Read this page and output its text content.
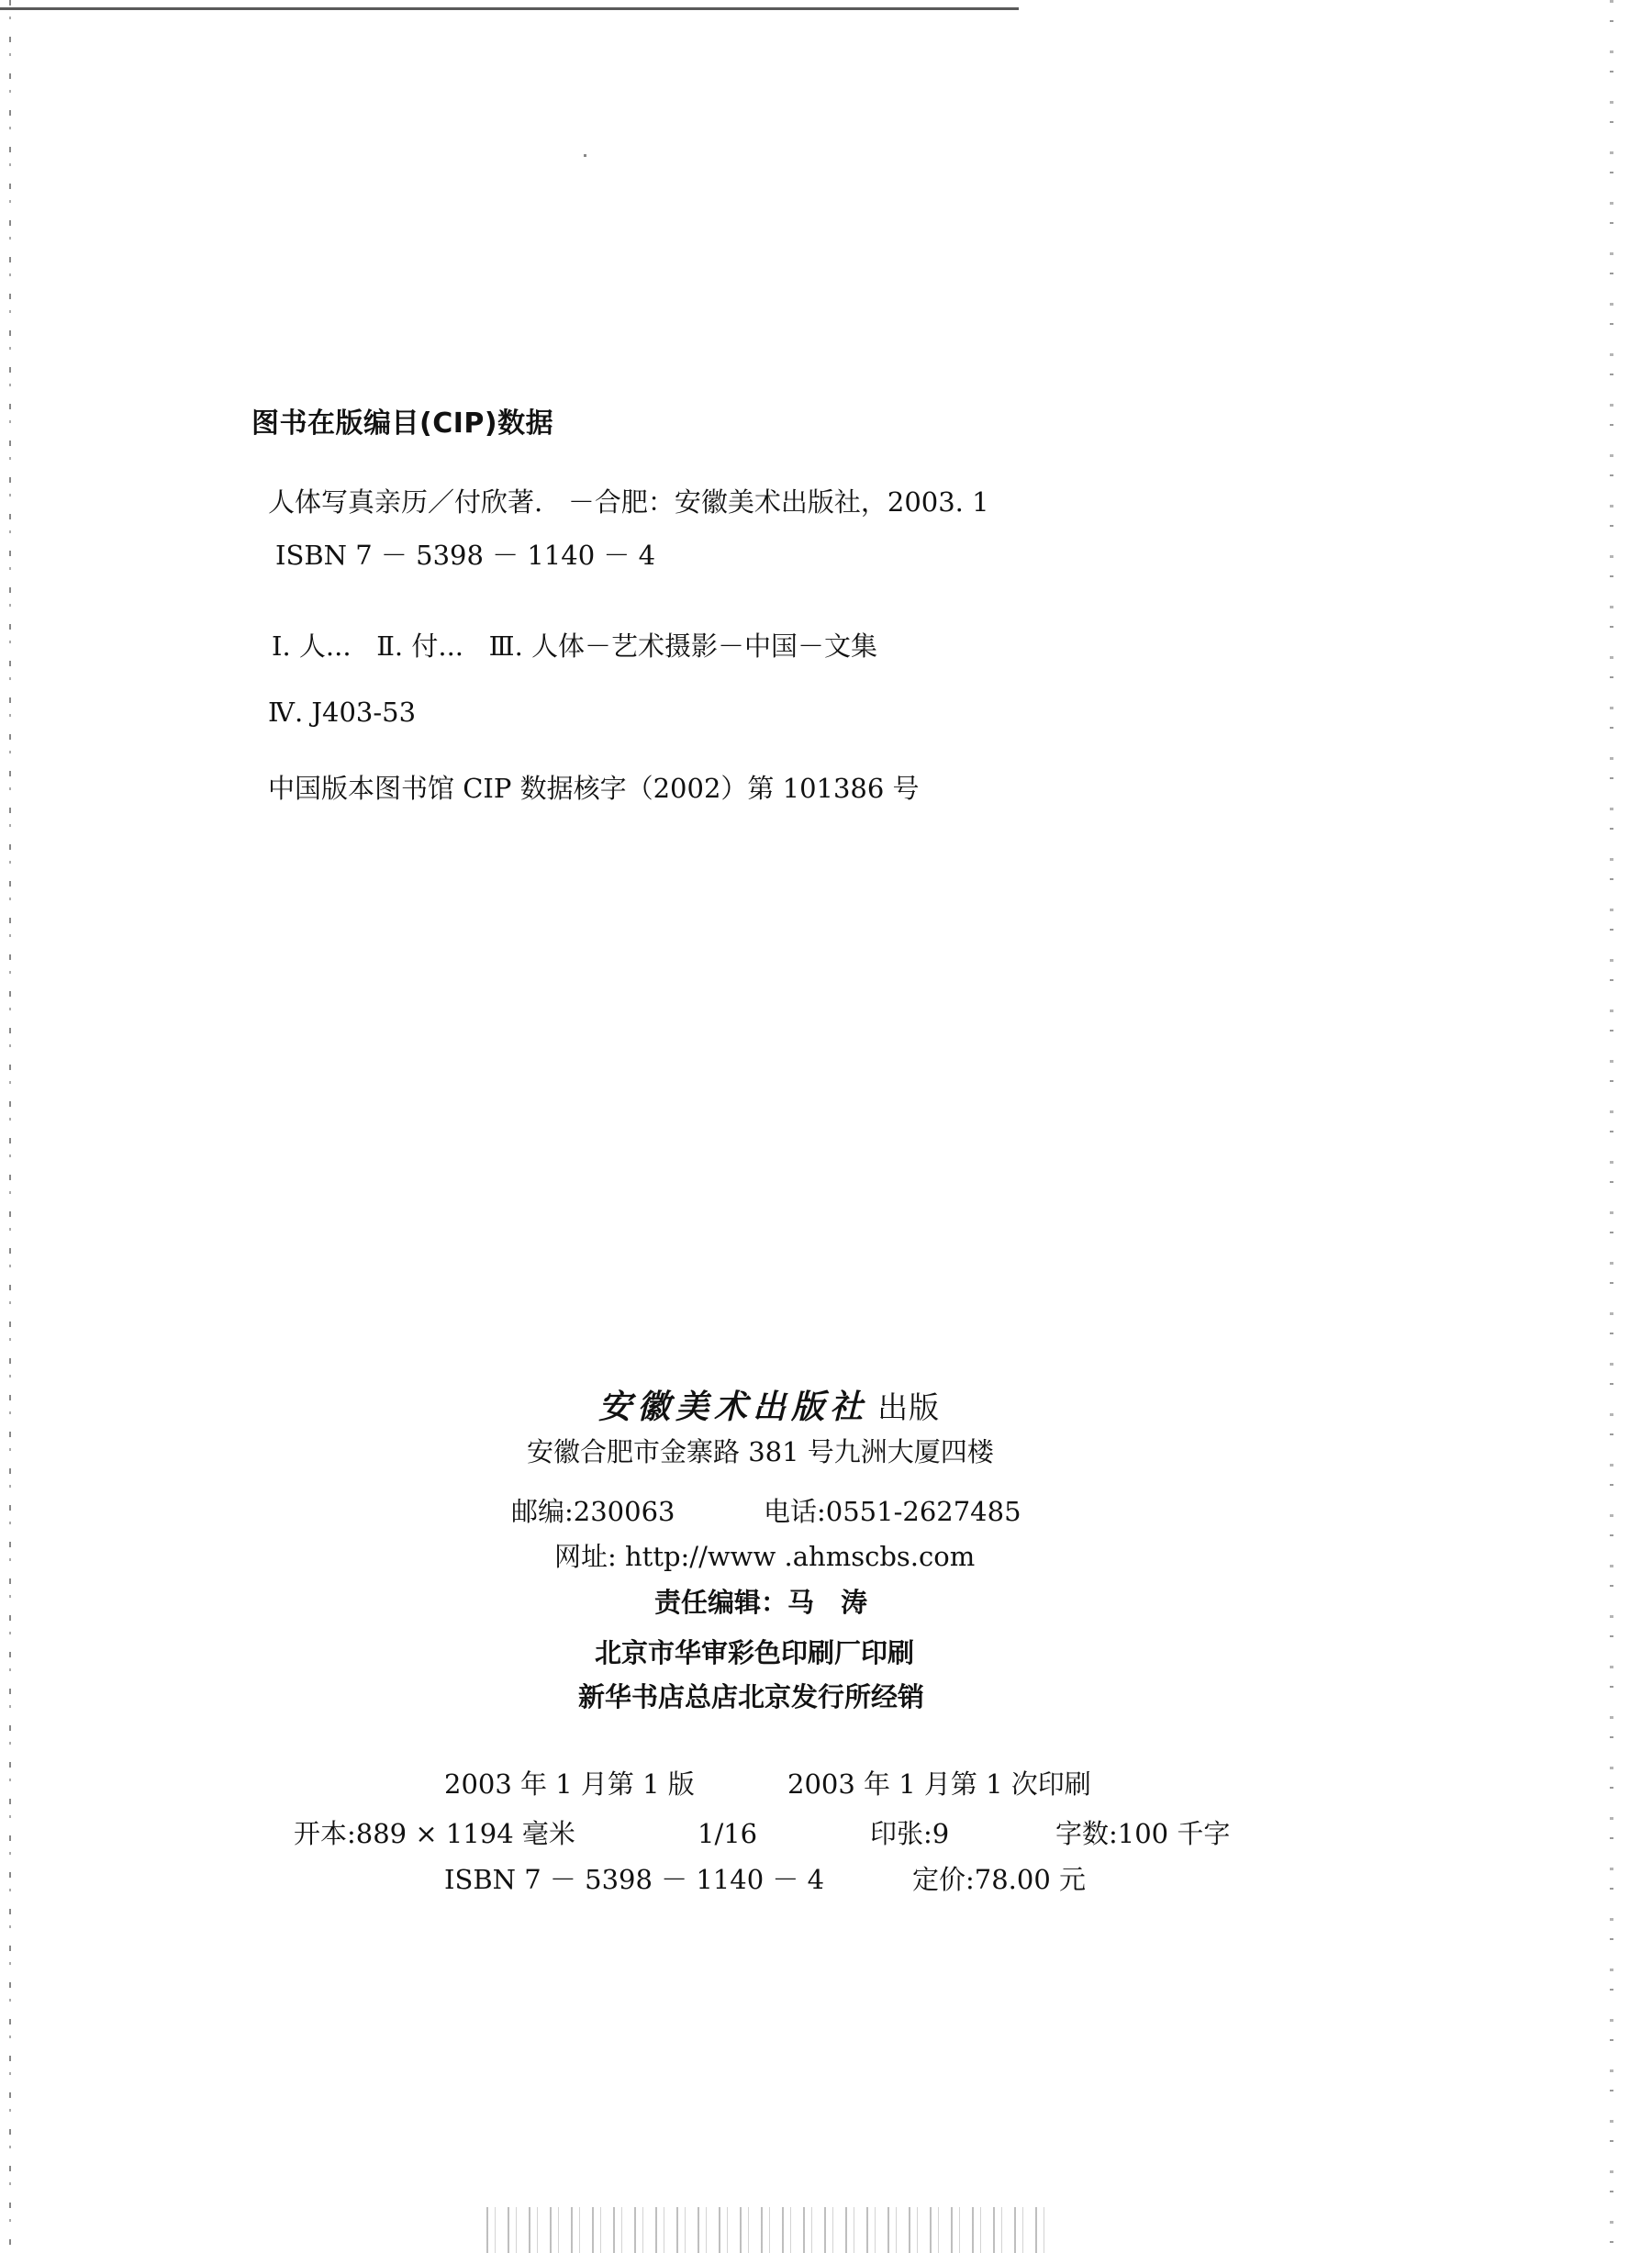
图书在版编目(CIP)数据
人体写真亲历／付欣著.   －合肥：安徽美术出版社，2003. 1
ISBN 7 － 5398 － 1140 － 4
Ⅰ. 人...   Ⅱ. 付...   Ⅲ. 人体－艺术摄影－中国－文集
Ⅳ. J403-53
中国版本图书馆 CIP 数据核字（2002）第 101386 号

安徽美术出版社 出版

安徽合肥市金寨路 381 号九洲大厦四楼
邮编:230063	电话:0551-2627485
网址: http://www .ahmscbs.com
责任编辑：马　涛
北京市华审彩色印刷厂印刷
新华书店总店北京发行所经销
2003 年 1 月第 1 版	2003 年 1 月第 1 次印刷
开本:889 × 1194 毫米	1/16	印张:9	字数:100 千字
ISBN 7 － 5398 － 1140 － 4	定价:78.00 元
